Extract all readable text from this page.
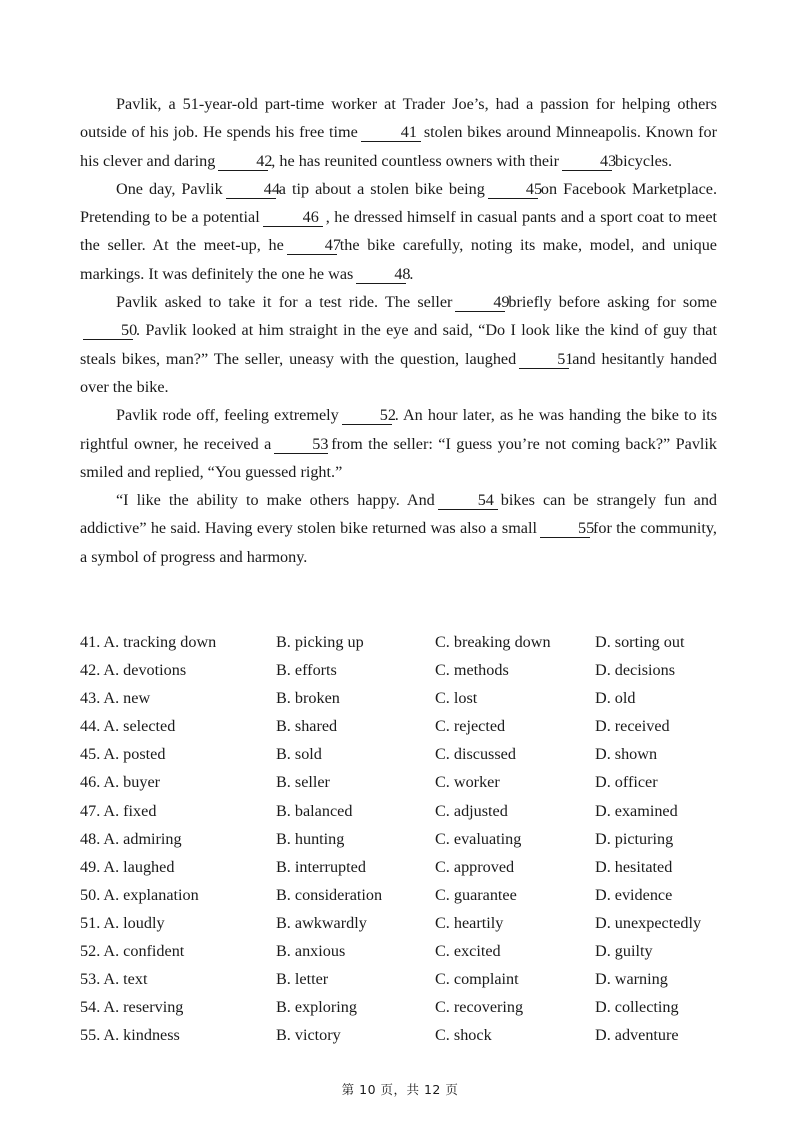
Pavlik, a 51-year-old part-time worker at Trader Joe’s, had a passion for helping others outside of his job. He spends his free time	41 stolen bikes around Minneapolis. Known for his clever and daring	42, he has reunited countless owners with their	43bicycles.

One day, Pavlik	44a tip about a stolen bike being	45on Facebook Marketplace. Pretending to be a potential	46 , he dressed himself in casual pants and a sport coat to meet the seller. At the meet-up, he	47the bike carefully, noting its make, model, and unique markings. It was definitely the one he was	48.

Pavlik asked to take it for a test ride. The seller	49briefly before asking for some50. Pavlik looked at him straight in the eye and said, “Do I look like the kind of guy that steals bikes, man?” The seller, uneasy with the question, laughed	51and hesitantly handed over the bike.

Pavlik rode off, feeling extremely	52. An hour later, as he was handing the bike to its rightful owner, he received a	53 from the seller: “I guess you’re not coming back?” Pavlik smiled and replied, “You guessed right.”

“I like the ability to make others happy. And	54 bikes can be strangely fun and addictive” he said. Having every stolen bike returned was also a small	55for the community, a symbol of progress and harmony.

41. A. tracking down	B. picking up	C. breaking down	D. sorting out
42. A. devotions	B. efforts	C. methods	D. decisions
43. A. new	B. broken	C. lost	D. old
44. A. selected	B. shared	C. rejected	D. received
45. A. posted	B. sold	C. discussed	D. shown
46. A. buyer	B. seller	C. worker	D. officer
47. A. fixed	B. balanced	C. adjusted	D. examined
48. A. admiring	B. hunting	C. evaluating	D. picturing
49. A. laughed	B. interrupted	C. approved	D. hesitated
50. A. explanation	B. consideration	C. guarantee	D. evidence
51. A. loudly	B. awkwardly	C. heartily	D. unexpectedly
52. A. confident	B. anxious	C. excited	D. guilty
53. A. text	B. letter	C. complaint	D. warning
54. A. reserving	B. exploring	C. recovering	D. collecting
55. A. kindness	B. victory	C. shock	D. adventure
第 10 页，共 12 页
